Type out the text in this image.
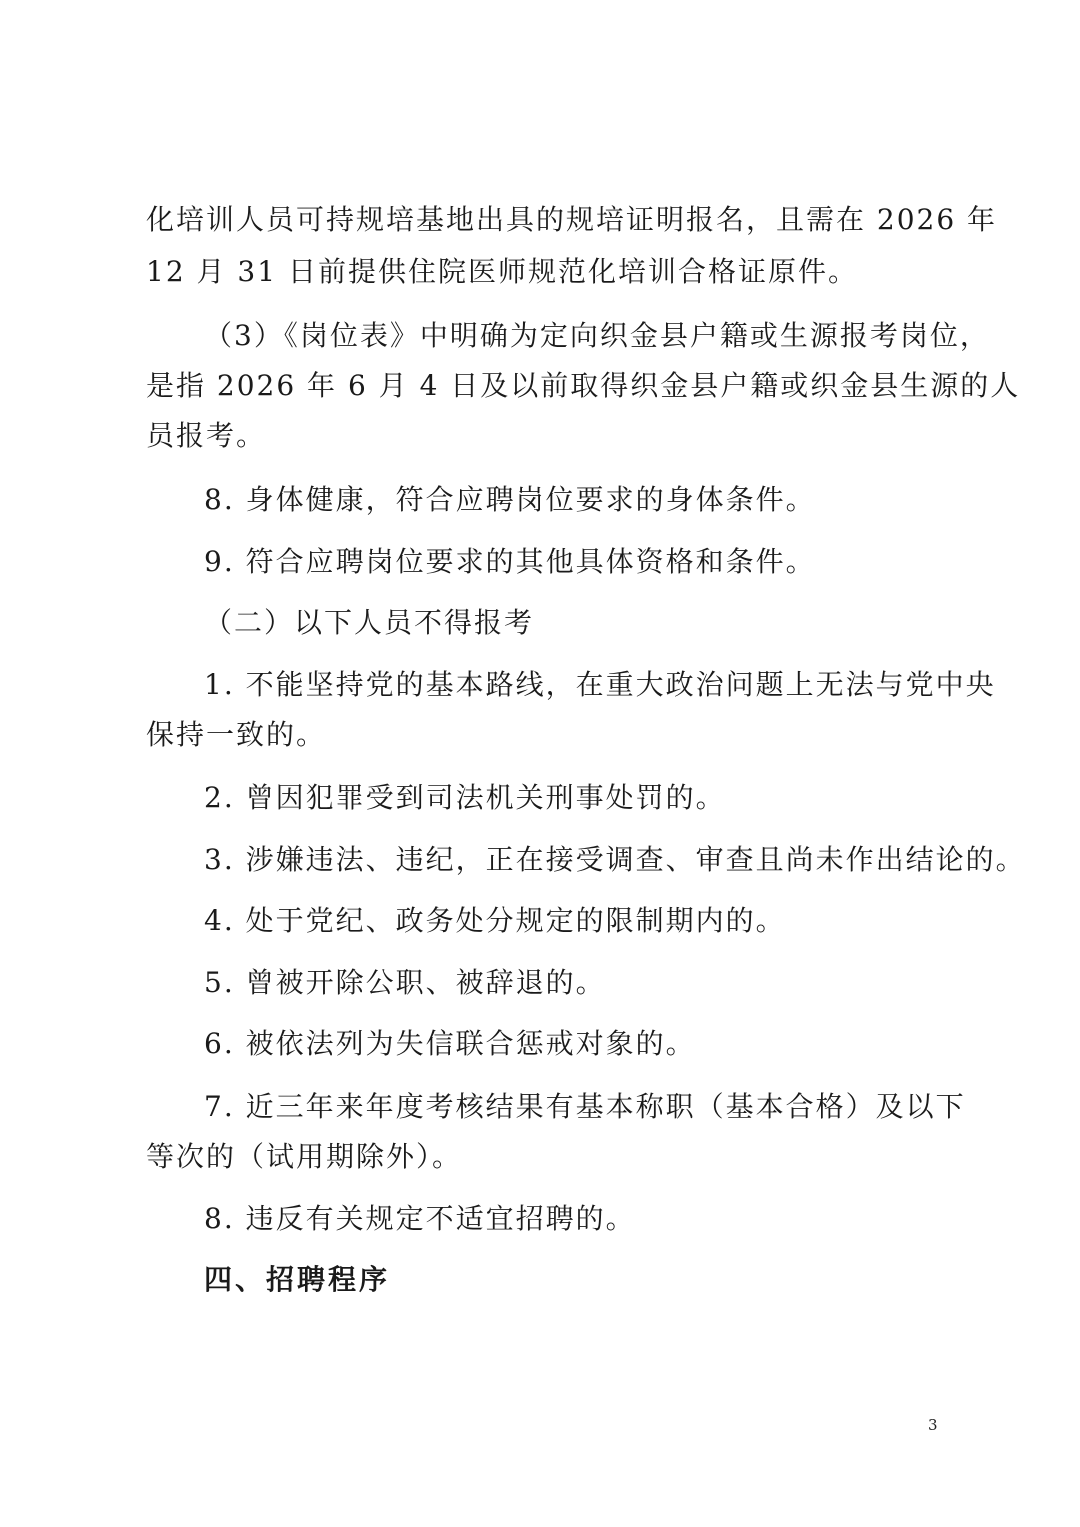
化培训人员可持规培基地出具的规培证明报名，且需在 2026 年
12 月 31 日前提供住院医师规范化培训合格证原件。
（3）《岗位表》中明确为定向织金县户籍或生源报考岗位，
是指 2026 年 6 月 4 日及以前取得织金县户籍或织金县生源的人
员报考。
8. 身体健康，符合应聘岗位要求的身体条件。
9. 符合应聘岗位要求的其他具体资格和条件。
（二）以下人员不得报考
1. 不能坚持党的基本路线，在重大政治问题上无法与党中央
保持一致的。
2. 曾因犯罪受到司法机关刑事处罚的。
3. 涉嫌违法、违纪，正在接受调查、审查且尚未作出结论的。
4. 处于党纪、政务处分规定的限制期内的。
5. 曾被开除公职、被辞退的。
6. 被依法列为失信联合惩戒对象的。
7. 近三年来年度考核结果有基本称职（基本合格）及以下
等次的（试用期除外）。
8. 违反有关规定不适宜招聘的。
四、招聘程序
3
